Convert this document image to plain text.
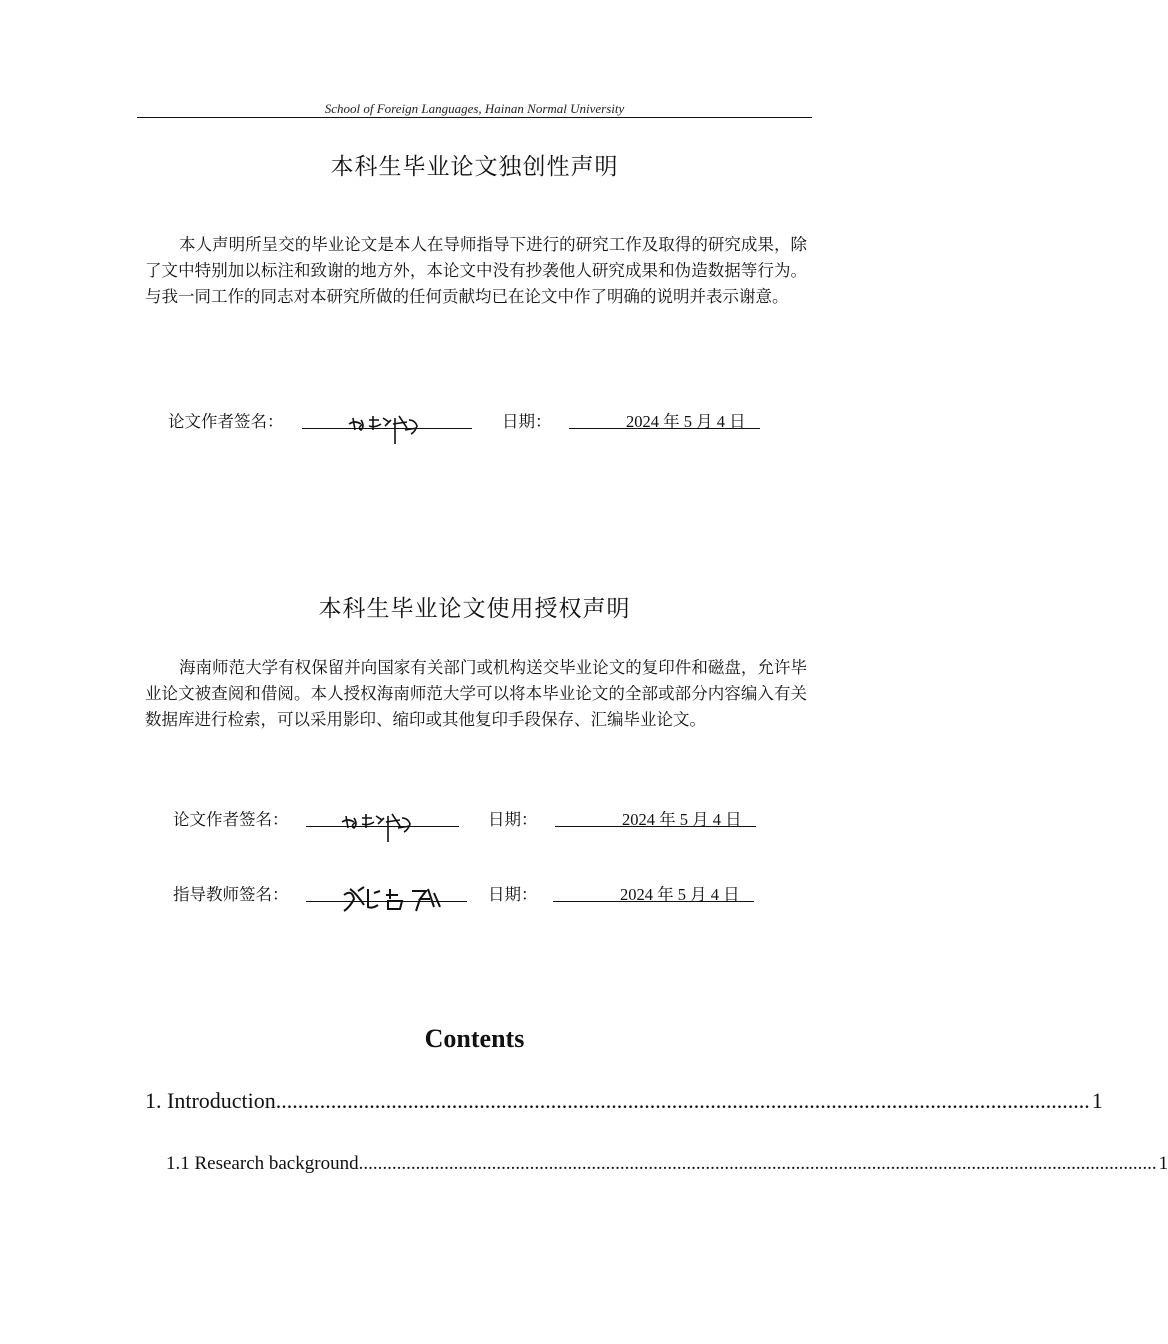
School of Foreign Languages, Hainan Normal University
本科生毕业论文独创性声明

本人声明所呈交的毕业论文是本人在导师指导下进行的研究工作及取得的研究成果，除了文中特别加以标注和致谢的地方外，本论文中没有抄袭他人研究成果和伪造数据等行为。与我一同工作的同志对本研究所做的任何贡献均已在论文中作了明确的说明并表示谢意。

论文作者签名：	日期：	2024 年 5 月 4 日
本科生毕业论文使用授权声明

海南师范大学有权保留并向国家有关部门或机构送交毕业论文的复印件和磁盘，允许毕业论文被查阅和借阅。本人授权海南师范大学可以将本毕业论文的全部或部分内容编入有关数据库进行检索，可以采用影印、缩印或其他复印手段保存、汇编毕业论文。

论文作者签名：	日期：	2024 年 5 月 4 日
指导教师签名：	日期：	2024 年 5 月 4 日
Contents
1. Introduction .................................................................................................................................................... 1
1.1 Research background ........................................................................................................................................................................ 1
